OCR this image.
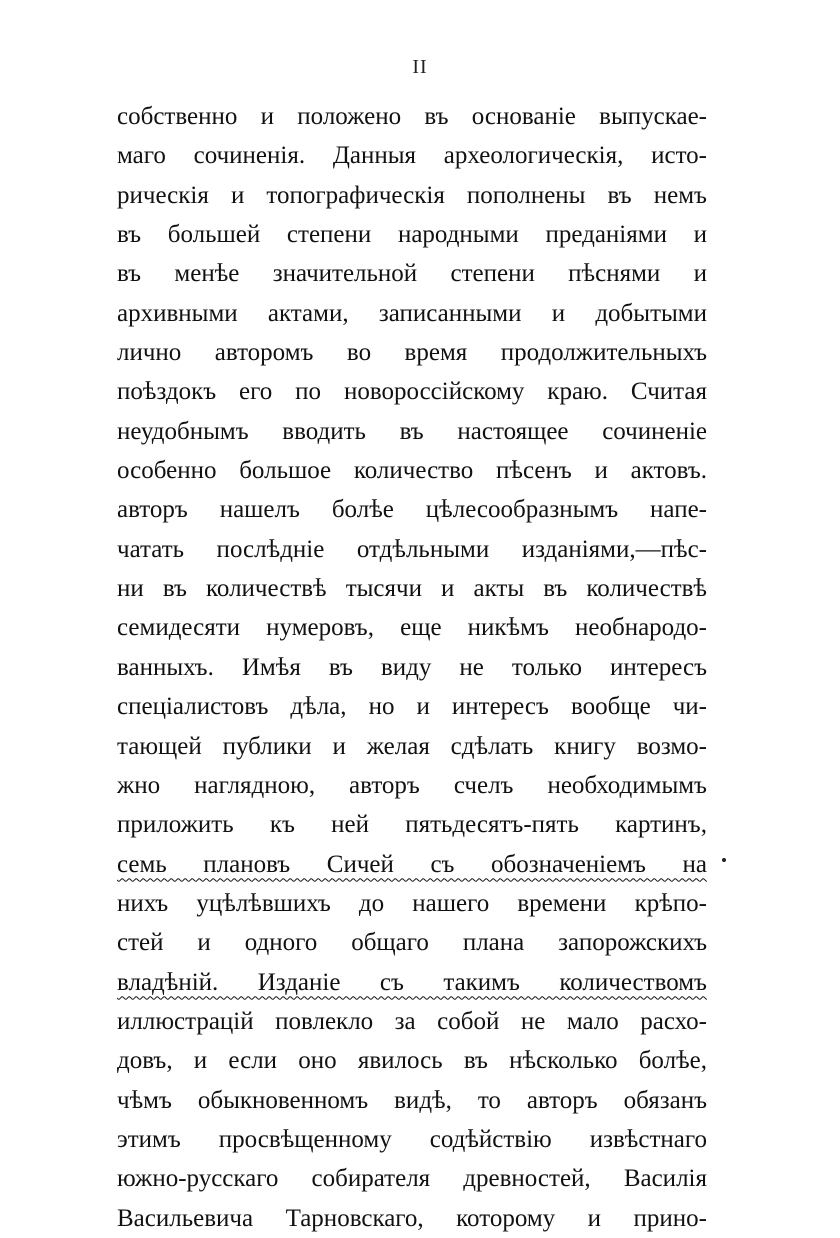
II
собственно и положено въ основаніе выпускае-
маго сочиненія. Данныя археологическія, исто-
рическія и топографическія пополнены въ немъ
въ большей степени народными преданіями и
въ менѣе значительной степени пѣснями и
архивными актами, записанными и добытыми
лично авторомъ во время продолжительныхъ
поѣздокъ его по новороссійскому краю. Считая
неудобнымъ вводить въ настоящее сочиненіе
особенно большое количество пѣсенъ и актовъ.
авторъ нашелъ болѣе цѣлесообразнымъ напе-
чатать послѣдніе отдѣльными изданіями,—пѣс-
ни въ количествѣ тысячи и акты въ количествѣ
семидесяти нумеровъ, еще никѣмъ необнародо-
ванныхъ. Имѣя въ виду не только интересъ
спеціалистовъ дѣла, но и интересъ вообще чи-
тающей публики и желая сдѣлать книгу возмо-
жно наглядною, авторъ счелъ необходимымъ
приложить къ ней пятьдесятъ-пять картинъ,
семь плановъ Сичей съ обозначеніемъ на
нихъ уцѣлѣвшихъ до нашего времени крѣпо-
стей и одного общаго плана запорожскихъ
владѣній. Изданіе съ такимъ количествомъ
иллюстрацій повлекло за собой не мало расхо-
довъ, и если оно явилось въ нѣсколько болѣе,
чѣмъ обыкновенномъ видѣ, то авторъ обязанъ
этимъ просвѣщенному содѣйствію извѣстнаго
южно-русскаго собирателя древностей, Василія
Васильевича Тарновскаго, которому и прино-
